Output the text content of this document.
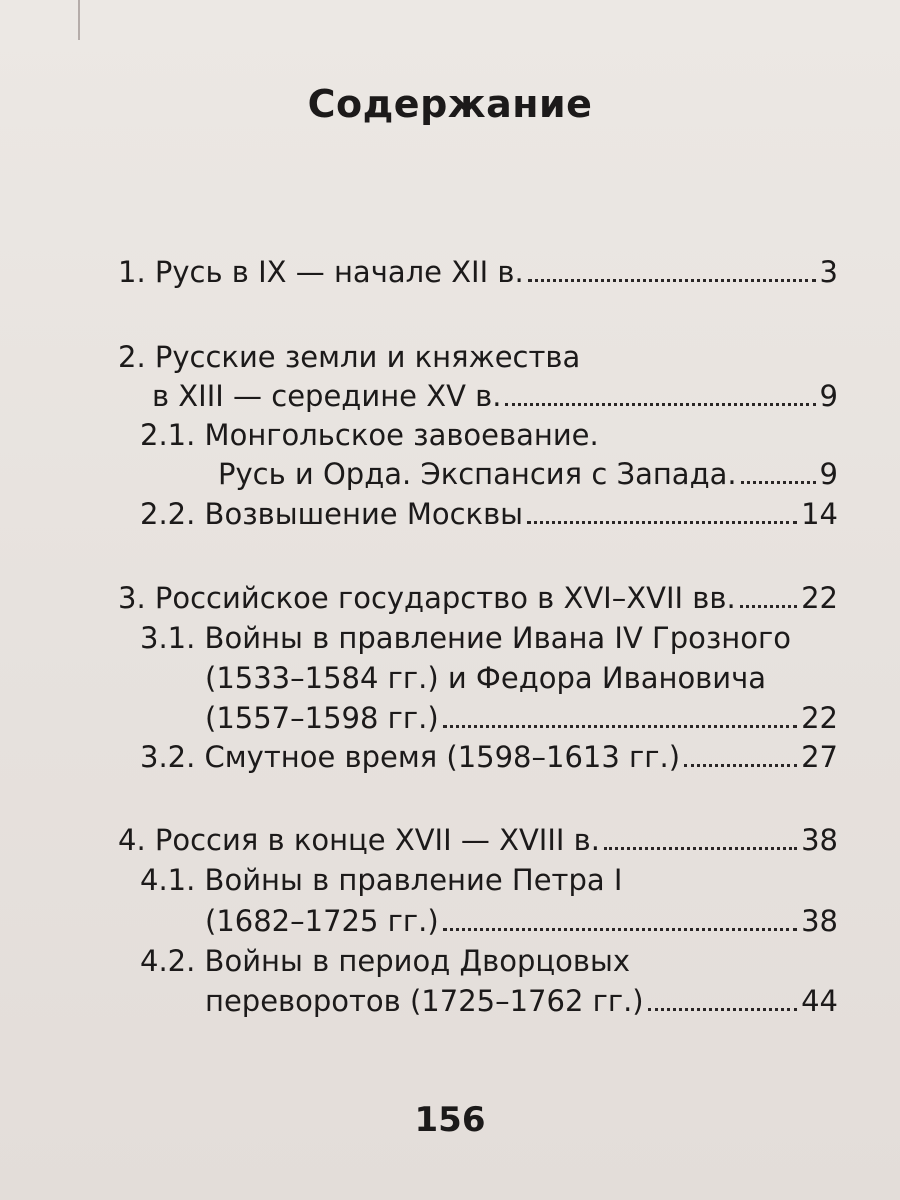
Содержание
1. Русь в IX — начале XII в.	3
2. Русские земли и княжества
в XIII — середине XV в.	9
2.1. Монгольское завоевание.
Русь и Орда. Экспансия с Запада.	9
2.2. Возвышение Москвы	14
3. Российское государство в XVI–XVII вв. 22
3.1. Войны в правление Ивана IV Грозного
(1533–1584 гг.) и Федора Ивановича
(1557–1598 гг.)	22
3.2. Смутное время (1598–1613 гг.)	27
4. Россия в конце XVII — XVIII в.	38
4.1. Войны в правление Петра I
(1682–1725 гг.)	38
4.2. Войны в период Дворцовых
переворотов (1725–1762 гг.)	44
156
